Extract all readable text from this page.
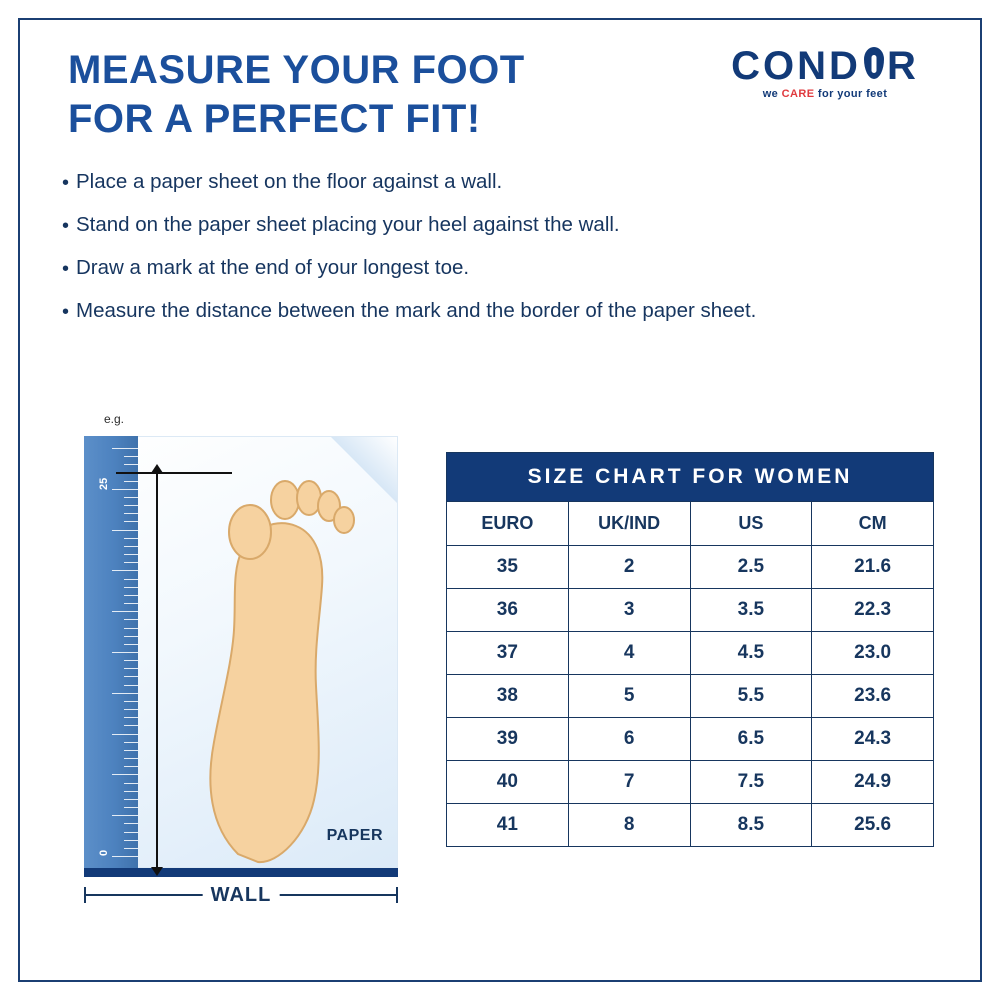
MEASURE YOUR FOOT
FOR A PERFECT FIT!
COND R
we CARE for your feet
• Place a paper sheet on the floor against a wall.
• Stand on the paper sheet placing your heel against the wall.
• Draw a mark at the end of your longest toe.
• Measure the distance between the mark and the border of the paper sheet.
e.g.
PAPER
25
0
WALL
SIZE CHART FOR WOMEN			
EURO	UK/IND	US	CM
35	2	2.5	21.6
36	3	3.5	22.3
37	4	4.5	23.0
38	5	5.5	23.6
39	6	6.5	24.3
40	7	7.5	24.9
41	8	8.5	25.6
